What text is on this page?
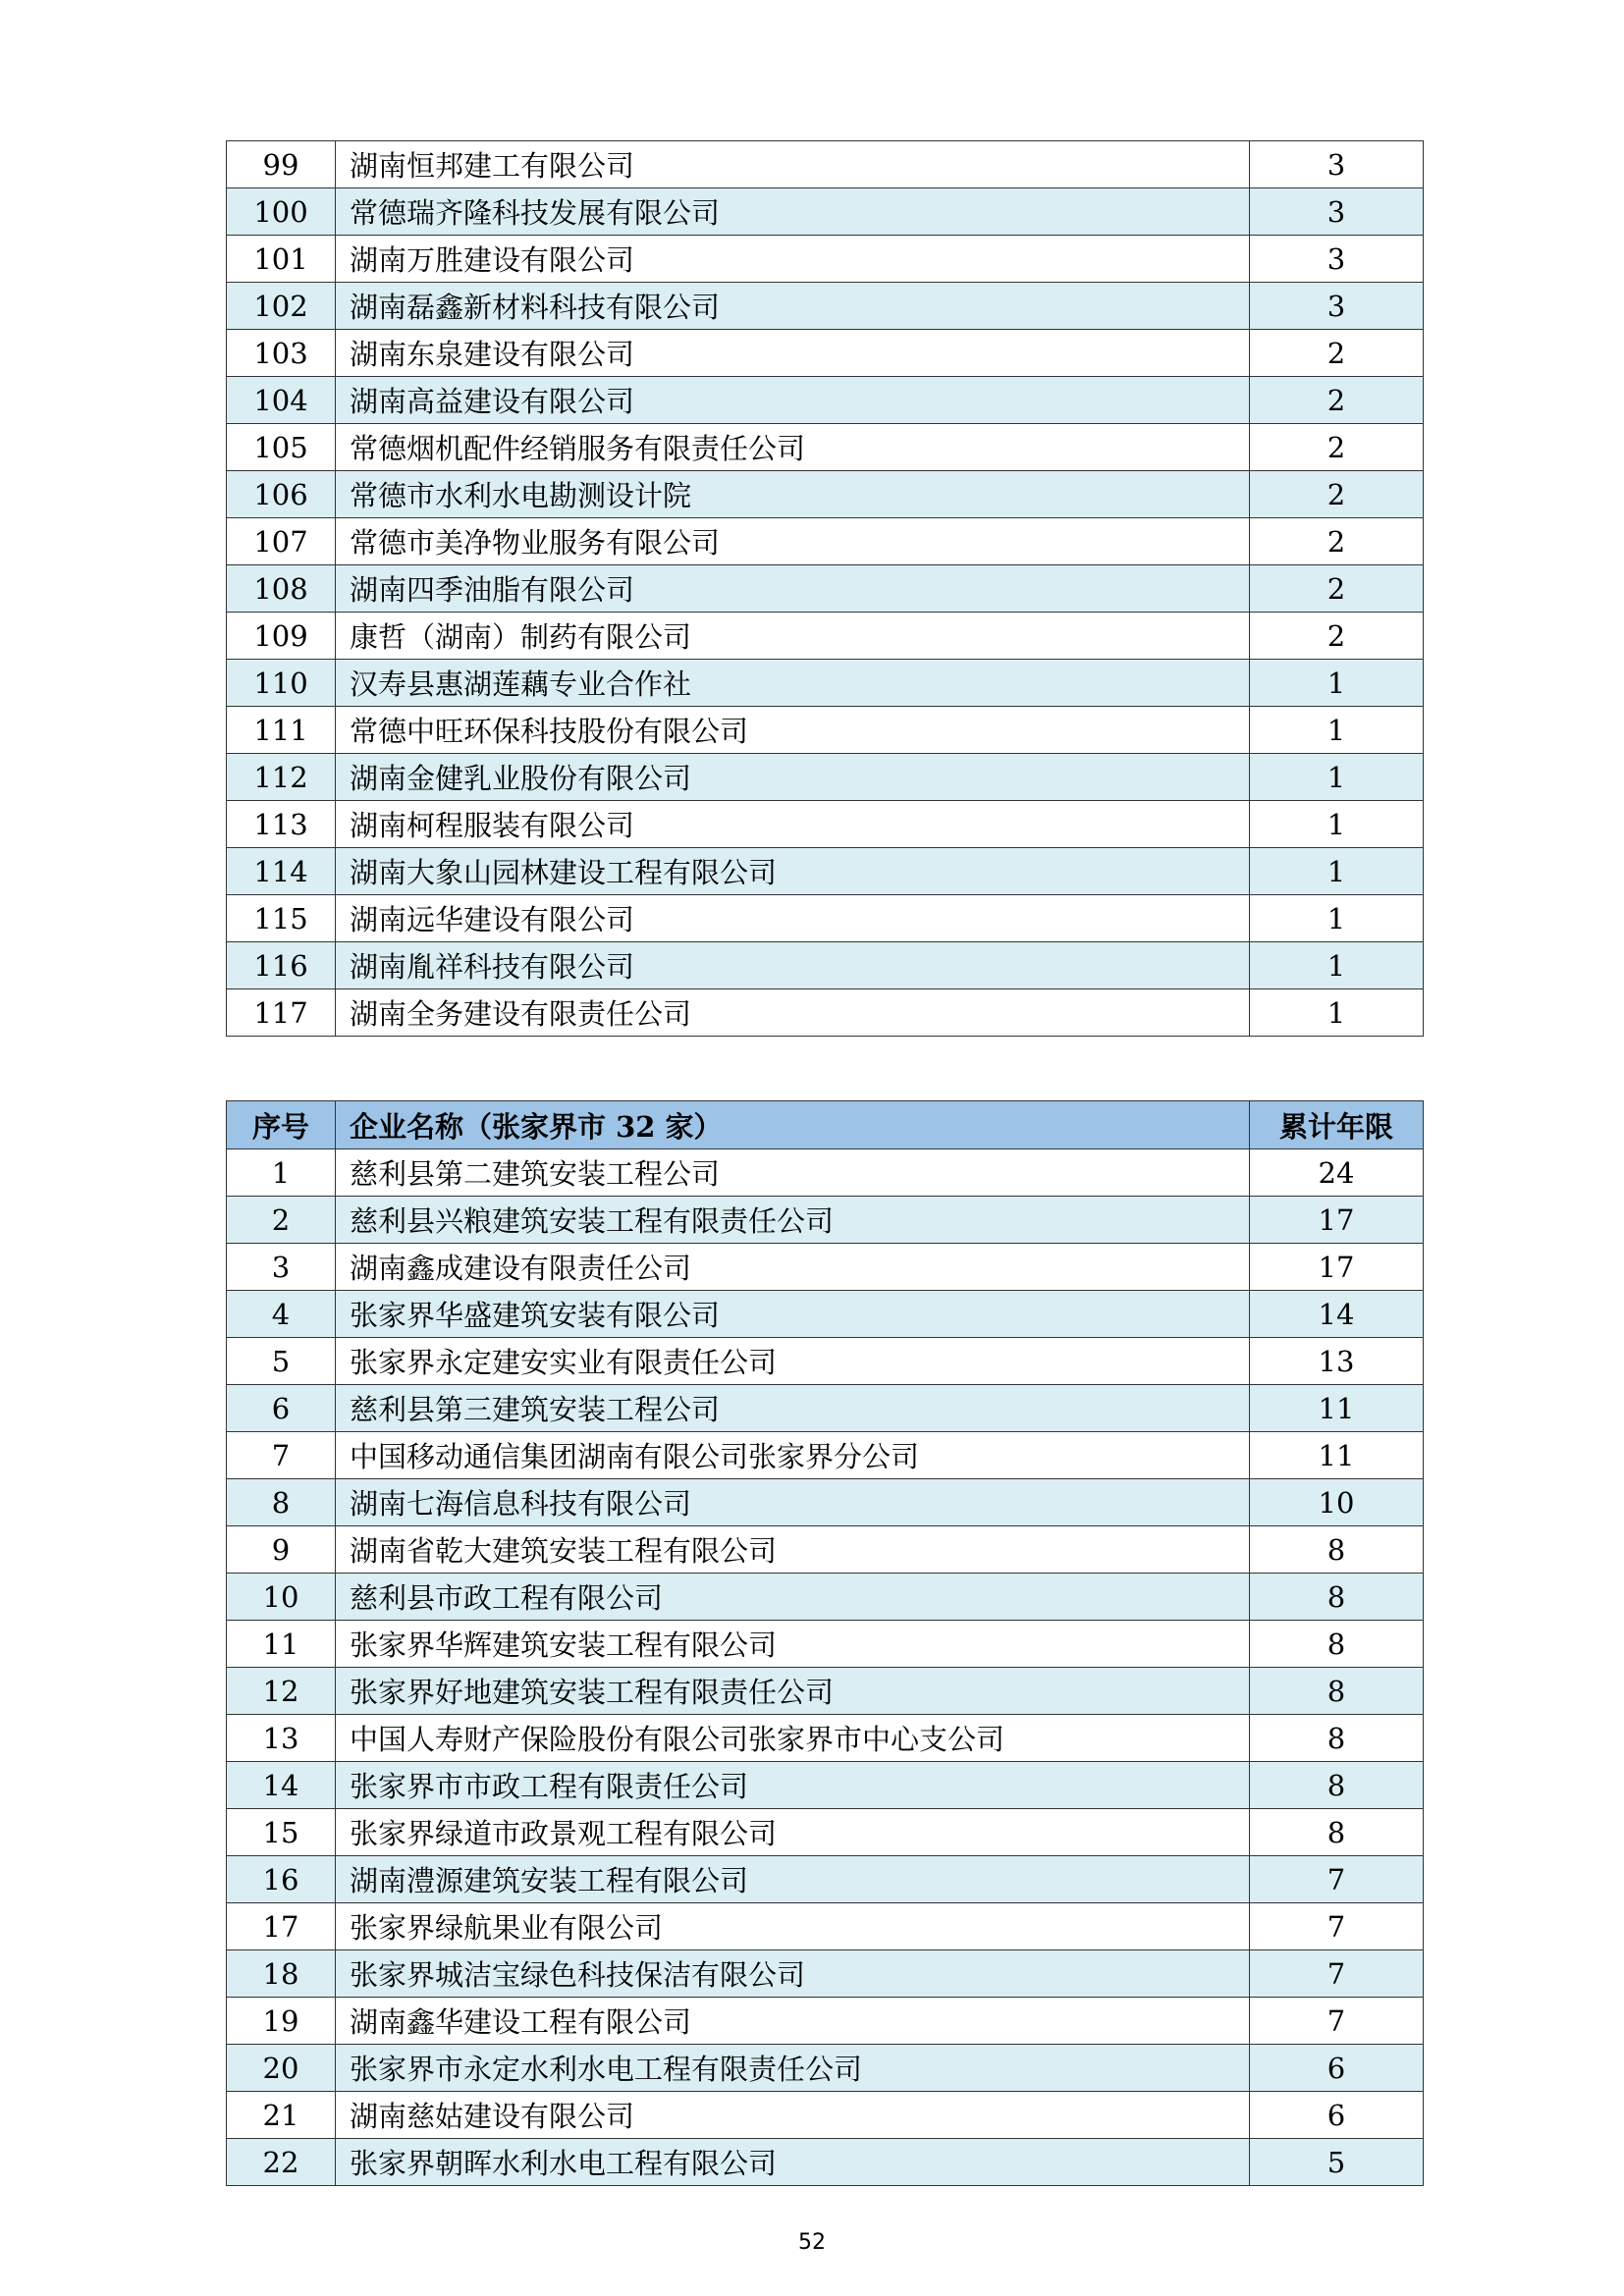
99	湖南恒邦建工有限公司	3
100	常德瑞齐隆科技发展有限公司	3
101	湖南万胜建设有限公司	3
102	湖南磊鑫新材料科技有限公司	3
103	湖南东泉建设有限公司	2
104	湖南高益建设有限公司	2
105	常德烟机配件经销服务有限责任公司	2
106	常德市水利水电勘测设计院	2
107	常德市美净物业服务有限公司	2
108	湖南四季油脂有限公司	2
109	康哲（湖南）制药有限公司	2
110	汉寿县惠湖莲藕专业合作社	1
111	常德中旺环保科技股份有限公司	1
112	湖南金健乳业股份有限公司	1
113	湖南柯程服装有限公司	1
114	湖南大象山园林建设工程有限公司	1
115	湖南远华建设有限公司	1
116	湖南胤祥科技有限公司	1
117	湖南全务建设有限责任公司	1
序号	企业名称（张家界市 32 家）	累计年限
1	慈利县第二建筑安装工程公司	24
2	慈利县兴粮建筑安装工程有限责任公司	17
3	湖南鑫成建设有限责任公司	17
4	张家界华盛建筑安装有限公司	14
5	张家界永定建安实业有限责任公司	13
6	慈利县第三建筑安装工程公司	11
7	中国移动通信集团湖南有限公司张家界分公司	11
8	湖南七海信息科技有限公司	10
9	湖南省乾大建筑安装工程有限公司	8
10	慈利县市政工程有限公司	8
11	张家界华辉建筑安装工程有限公司	8
12	张家界好地建筑安装工程有限责任公司	8
13	中国人寿财产保险股份有限公司张家界市中心支公司	8
14	张家界市市政工程有限责任公司	8
15	张家界绿道市政景观工程有限公司	8
16	湖南澧源建筑安装工程有限公司	7
17	张家界绿航果业有限公司	7
18	张家界城洁宝绿色科技保洁有限公司	7
19	湖南鑫华建设工程有限公司	7
20	张家界市永定水利水电工程有限责任公司	6
21	湖南慈姑建设有限公司	6
22	张家界朝晖水利水电工程有限公司	5
52
